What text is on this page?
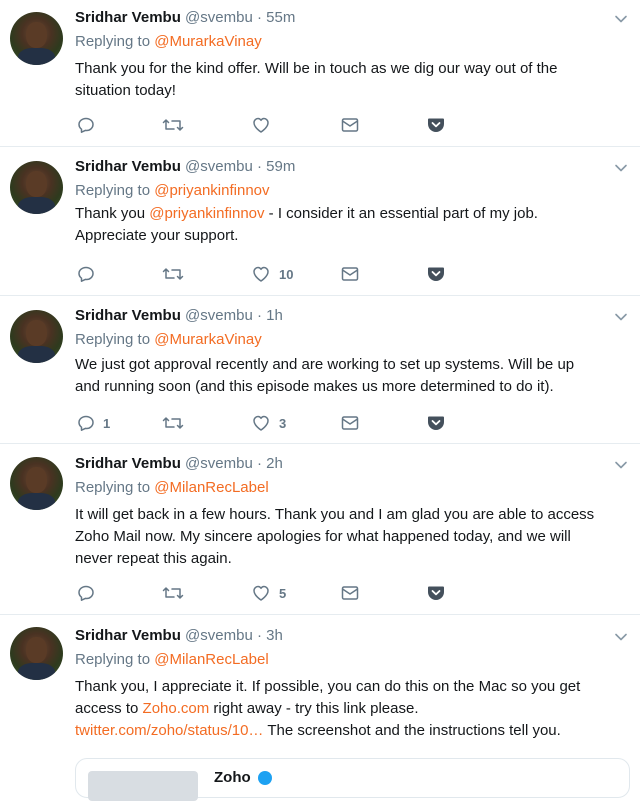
Sridhar Vembu @svembu · 55m
Replying to @MurarkaVinay
Thank you for the kind offer. Will be in touch as we dig our way out of the situation today!
Sridhar Vembu @svembu · 59m
Replying to @priyankinfinnov
Thank you @priyankinfinnov - I consider it an essential part of my job. Appreciate your support.
10
Sridhar Vembu @svembu · 1h
Replying to @MurarkaVinay
We just got approval recently and are working to set up systems. Will be up and running soon (and this episode makes us more determined to do it).
1	3
Sridhar Vembu @svembu · 2h
Replying to @MilanRecLabel
It will get back in a few hours. Thank you and I am glad you are able to access Zoho Mail now. My sincere apologies for what happened today, and we will never repeat this again.
5
Sridhar Vembu @svembu · 3h
Replying to @MilanRecLabel
Thank you, I appreciate it. If possible, you can do this on the Mac so you get access to Zoho.com right away - try this link please. twitter.com/zoho/status/10… The screenshot and the instructions tell you.
Zoho
